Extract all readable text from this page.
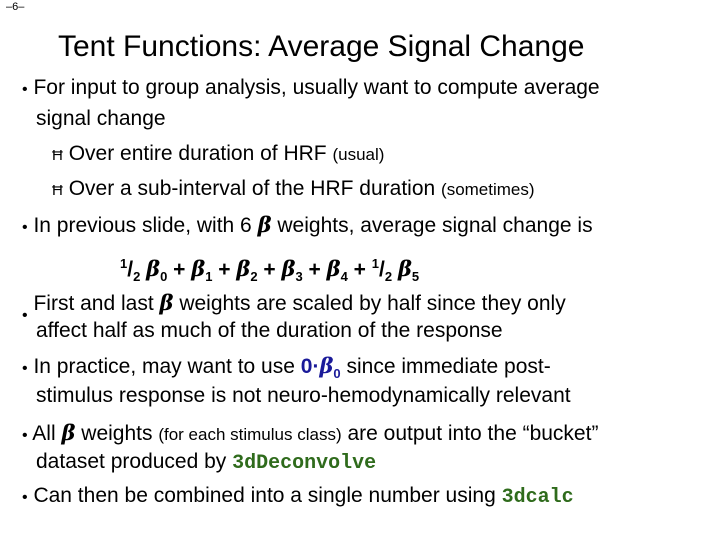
–6–
Tent Functions: Average Signal Change
• For input to group analysis, usually want to compute average
signal change
Ħ Over entire duration of HRF (usual)
Ħ Over a sub-interval of the HRF duration (sometimes)
• In previous slide, with 6 β weights, average signal change is
$^1/_2$ $\beta_0 + \beta_1 + \beta_2 + \beta_3 + \beta_4 + ^1/_2$ $\beta_5$
$_•$ First and last β weights are scaled by half since they only
affect half as much of the duration of the response
• In practice, may want to use $0\cdot\beta_0$ since immediate post-
stimulus response is not neuro-hemodynamically relevant
• All β weights (for each stimulus class) are output into the “bucket”
dataset produced by 3dDeconvolve
• Can then be combined into a single number using 3dcalc
